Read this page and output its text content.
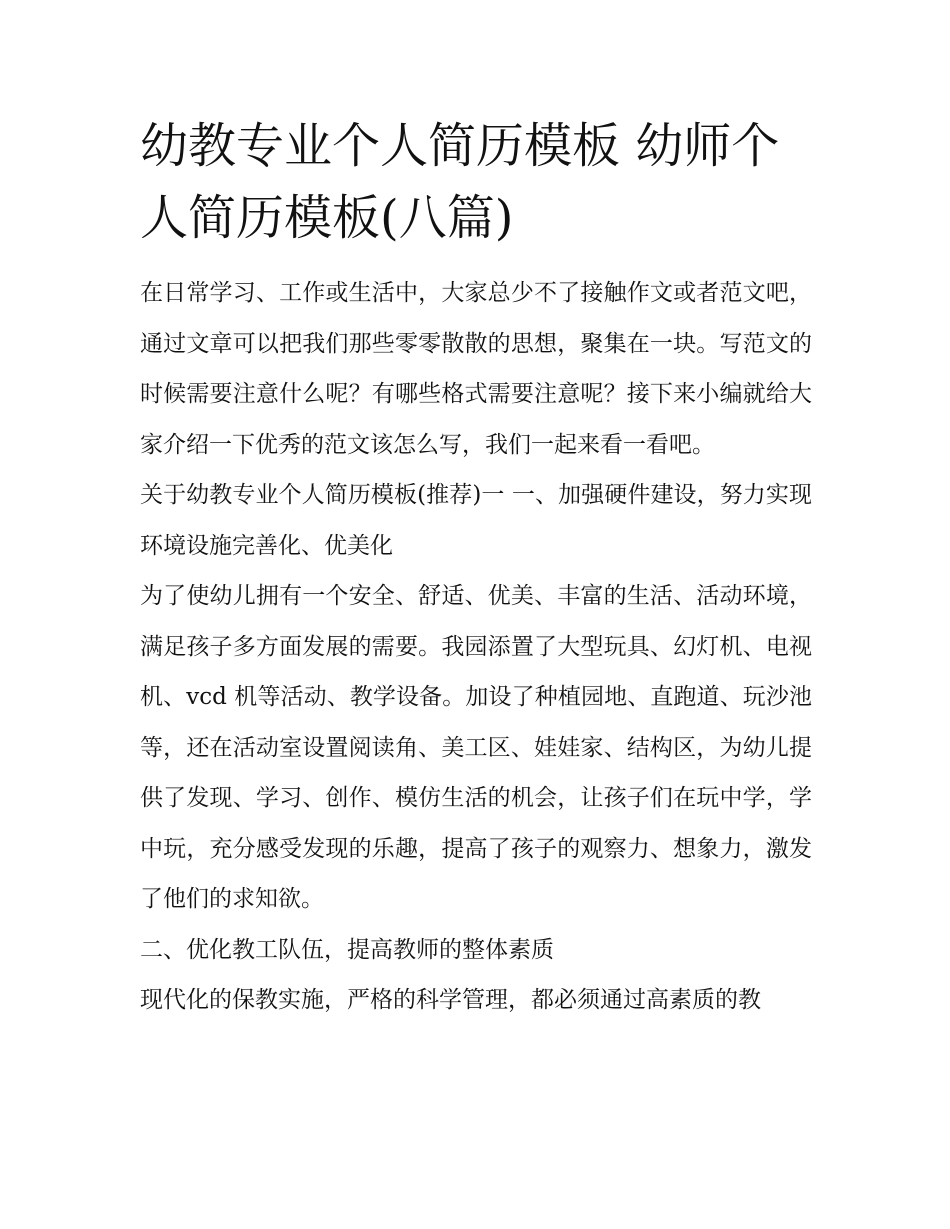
幼教专业个人简历模板 幼师个人简历模板(八篇)

在日常学习、工作或生活中，大家总少不了接触作文或者范文吧，通过文章可以把我们那些零零散散的思想，聚集在一块。写范文的时候需要注意什么呢？有哪些格式需要注意呢？接下来小编就给大家介绍一下优秀的范文该怎么写，我们一起来看一看吧。

关于幼教专业个人简历模板(推荐)一 一、加强硬件建设，努力实现环境设施完善化、优美化

为了使幼儿拥有一个安全、舒适、优美、丰富的生活、活动环境，满足孩子多方面发展的需要。我园添置了大型玩具、幻灯机、电视机、vcd 机等活动、教学设备。加设了种植园地、直跑道、玩沙池等，还在活动室设置阅读角、美工区、娃娃家、结构区，为幼儿提供了发现、学习、创作、模仿生活的机会，让孩子们在玩中学，学中玩，充分感受发现的乐趣，提高了孩子的观察力、想象力，激发了他们的求知欲。

二、优化教工队伍，提高教师的整体素质

现代化的保教实施，严格的科学管理，都必须通过高素质的教
